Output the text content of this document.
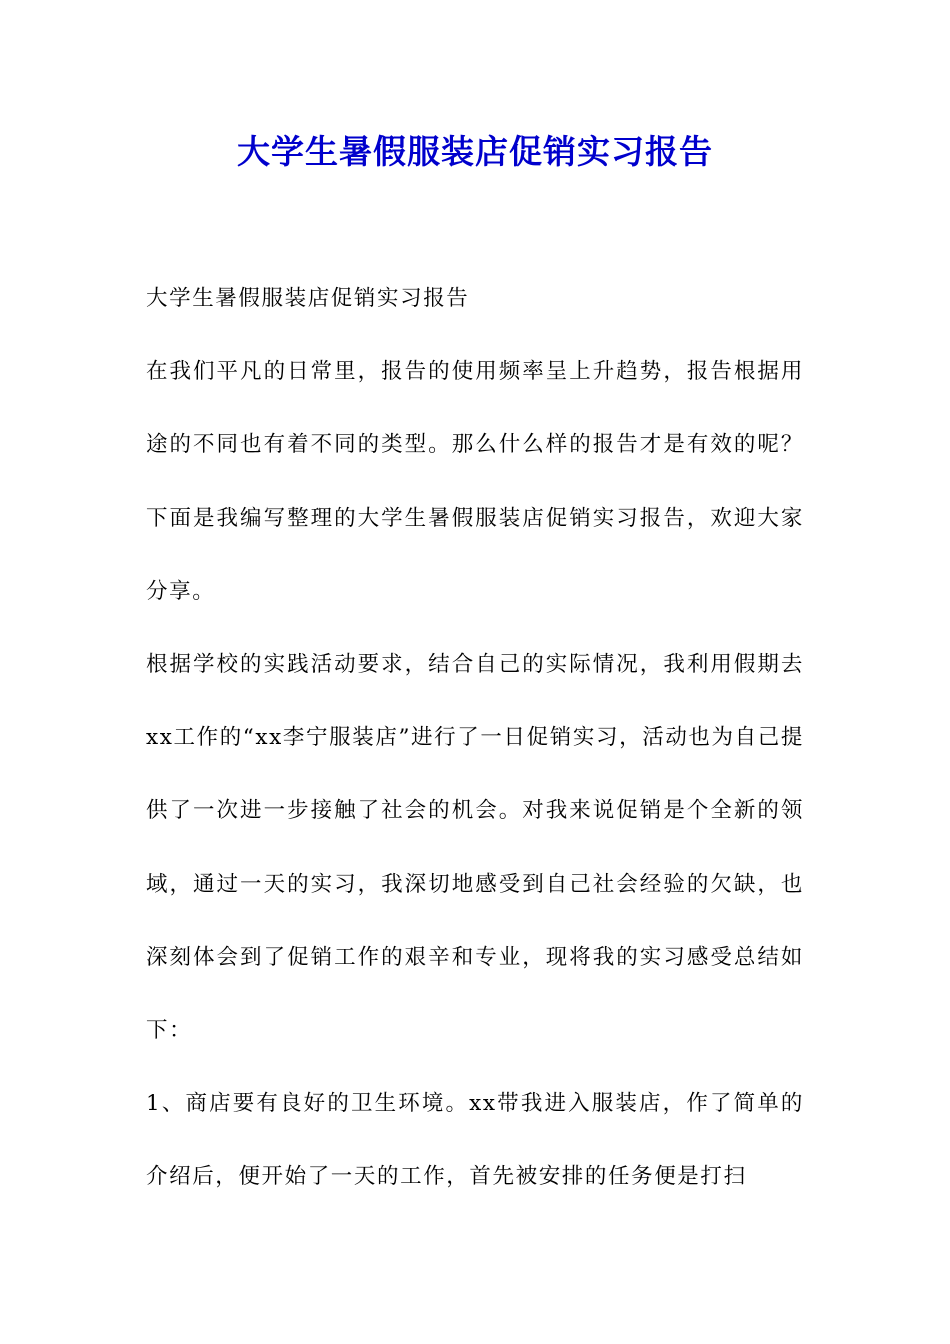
大学生暑假服装店促销实习报告

大学生暑假服装店促销实习报告

在我们平凡的日常里，报告的使用频率呈上升趋势，报告根据用途的不同也有着不同的类型。那么什么样的报告才是有效的呢？下面是我编写整理的大学生暑假服装店促销实习报告，欢迎大家分享。

根据学校的实践活动要求，结合自己的实际情况，我利用假期去xx工作的“xx李宁服装店”进行了一日促销实习，活动也为自己提供了一次进一步接触了社会的机会。对我来说促销是个全新的领域，通过一天的实习，我深切地感受到自己社会经验的欠缺，也深刻体会到了促销工作的艰辛和专业，现将我的实习感受总结如下：

1、商店要有良好的卫生环境。xx带我进入服装店，作了简单的介绍后，便开始了一天的工作，首先被安排的任务便是打扫
